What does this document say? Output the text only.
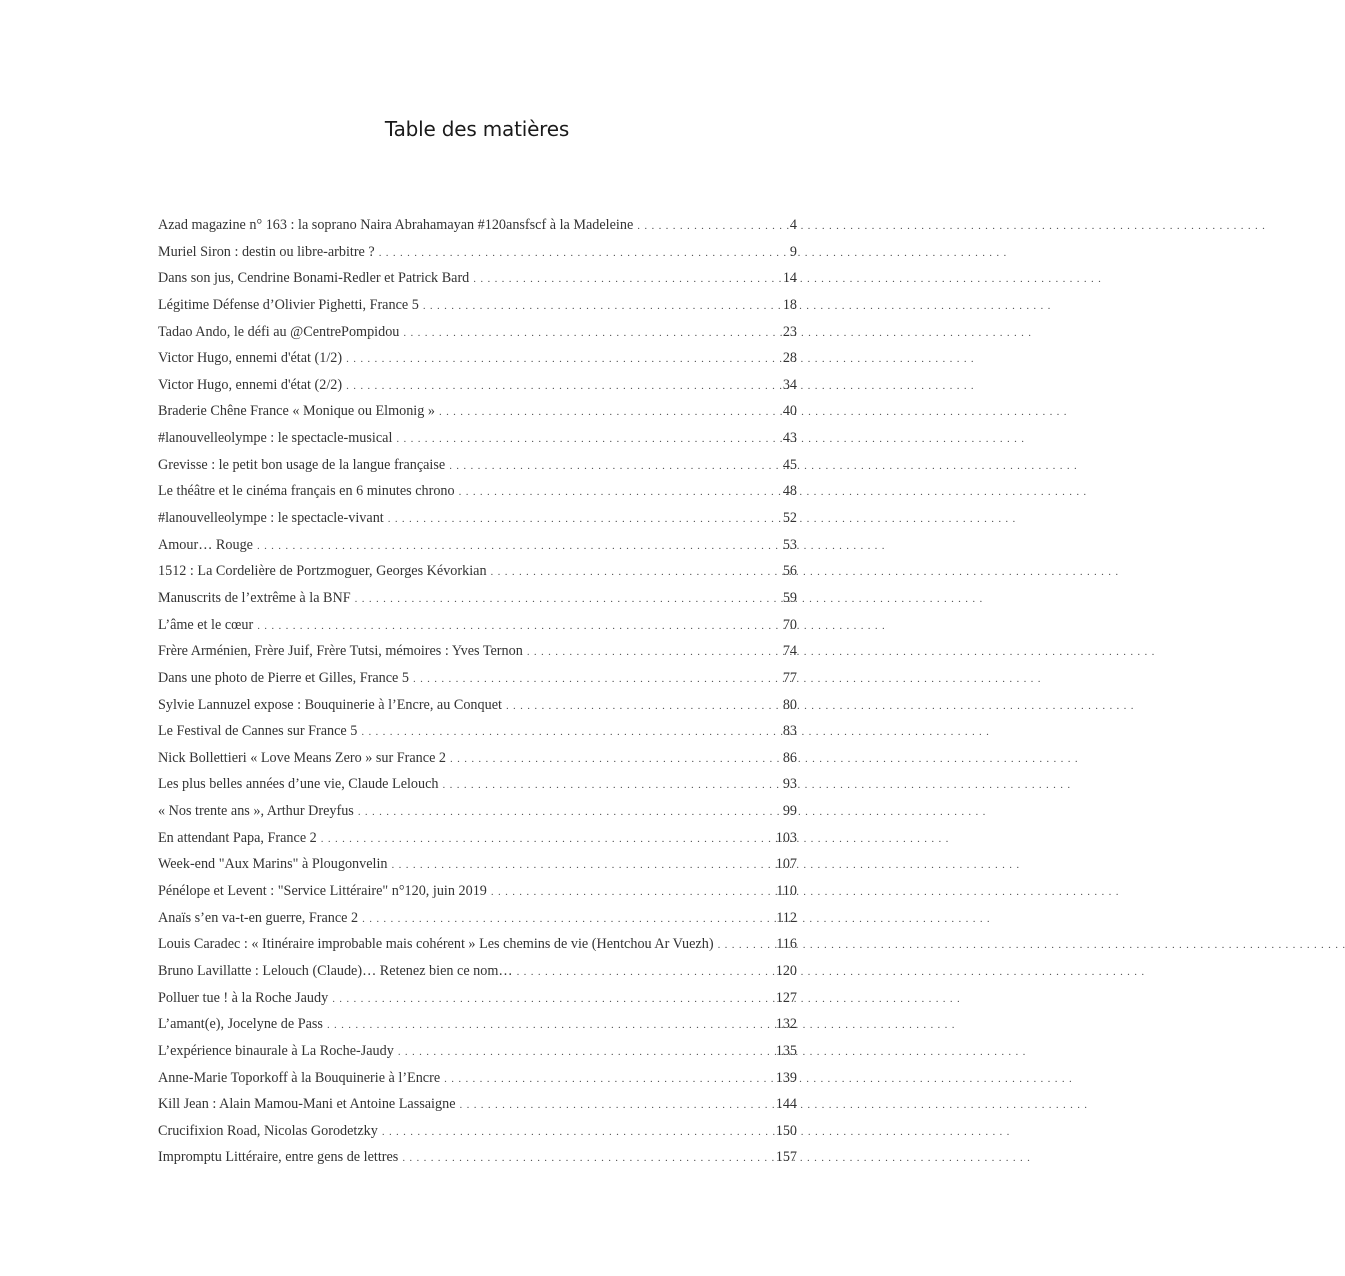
Table des matières
Azad magazine n° 163 : la soprano Naira Abrahamayan #120ansfscf à la Madeleine . . .	4
Muriel Siron : destin ou libre-arbitre ? . . .	9
Dans son jus, Cendrine Bonami-Redler et Patrick Bard . . .	14
Légitime Défense d’Olivier Pighetti, France 5 . . .	18
Tadao Ando, le défi au @CentrePompidou . . .	23
Victor Hugo, ennemi d'état (1/2) . . .	28
Victor Hugo, ennemi d'état (2/2) . . .	34
Braderie Chêne France « Monique ou Elmonig » . . .	40
#lanouvelleolympe : le spectacle-musical . . .	43
Grevisse : le petit bon usage de la langue française . . .	45
Le théâtre et le cinéma français en 6 minutes chrono . . .	48
#lanouvelleolympe : le spectacle-vivant . . .	52
Amour… Rouge . . .	53
1512 : La Cordelière de Portzmoguer, Georges Kévorkian . . .	56
Manuscrits de l’extrême à la BNF . . .	59
L’âme et le cœur . . .	70
Frère Arménien, Frère Juif, Frère Tutsi, mémoires : Yves Ternon . . .	74
Dans une photo de Pierre et Gilles, France 5 . . .	77
Sylvie Lannuzel expose : Bouquinerie à l’Encre, au Conquet . . .	80
Le Festival de Cannes sur France 5 . . .	83
Nick Bollettieri « Love Means Zero » sur France 2 . . .	86
Les plus belles années d’une vie, Claude Lelouch . . .	93
« Nos trente ans », Arthur Dreyfus . . .	99
En attendant Papa, France 2 . . .	103
Week-end "Aux Marins" à Plougonvelin . . .	107
Pénélope et Levent : "Service Littéraire" n°120, juin 2019 . . .	110
Anaïs s’en va-t-en guerre, France 2 . . .	112
Louis Caradec : « Itinéraire improbable mais cohérent » Les chemins de vie (Hentchou Ar Vuezh) . . .	116
Bruno Lavillatte : Lelouch (Claude)… Retenez bien ce nom… . . .	120
Polluer tue ! à la Roche Jaudy . . .	127
L’amant(e), Jocelyne de Pass . . .	132
L’expérience binaurale à La Roche-Jaudy . . .	135
Anne-Marie Toporkoff à la Bouquinerie à l’Encre . . .	139
Kill Jean : Alain Mamou-Mani et Antoine Lassaigne . . .	144
Crucifixion Road, Nicolas Gorodetzky . . .	150
Impromptu Littéraire, entre gens de lettres . . .	157
